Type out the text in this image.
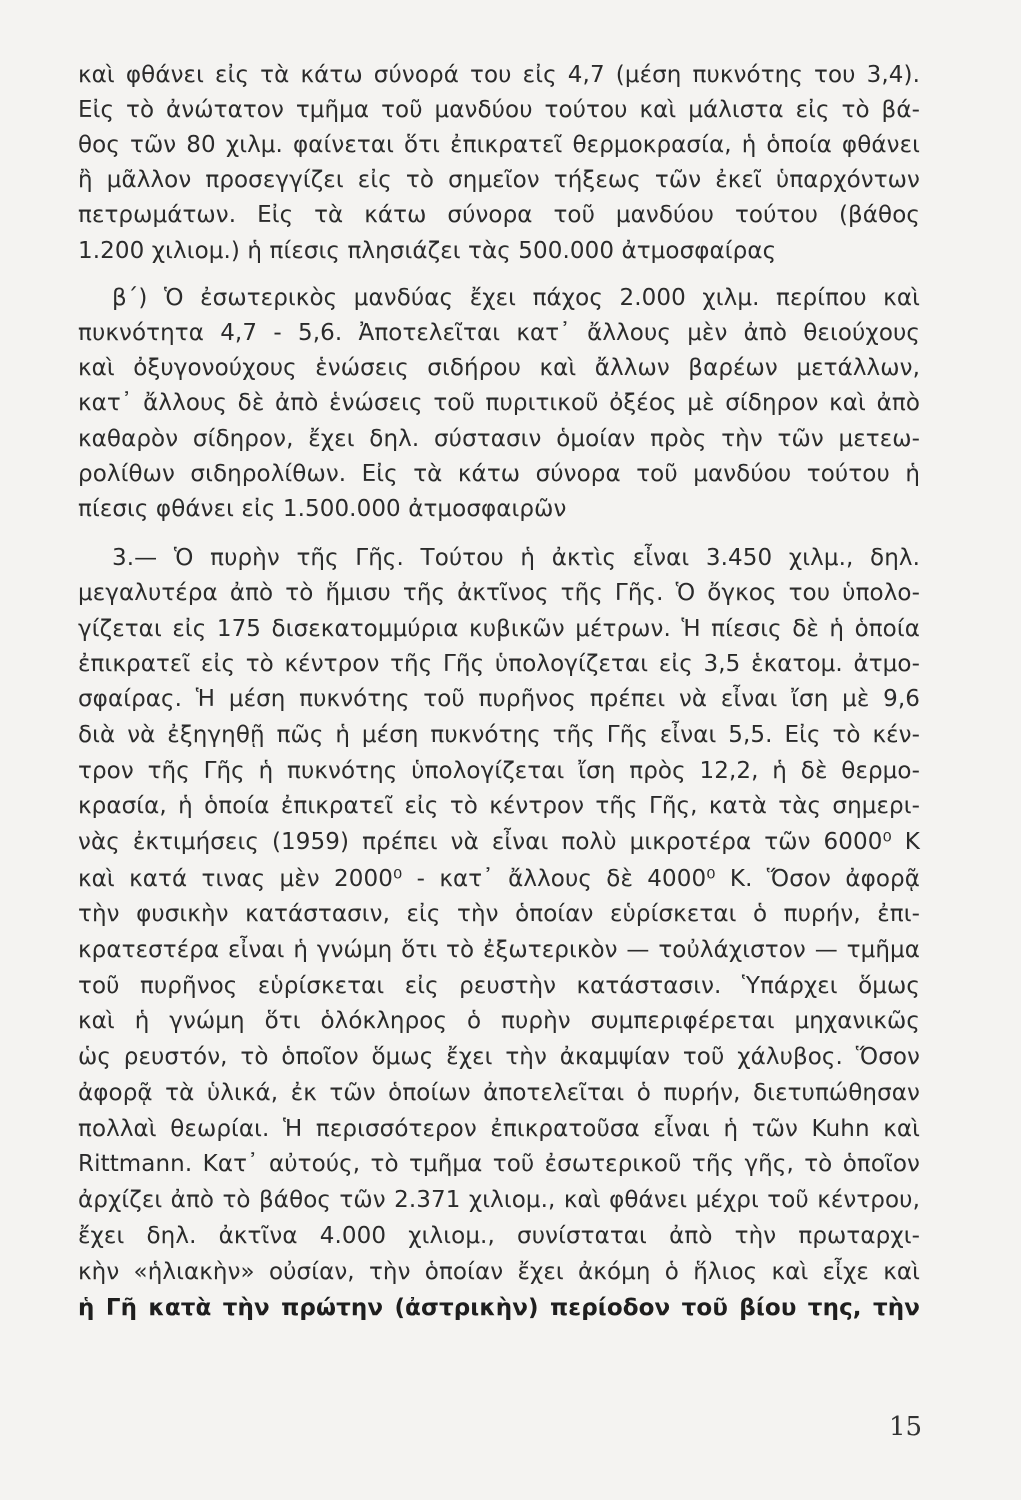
καὶ φθάνει εἰς τὰ κάτω σύνορά του εἰς 4,7 (μέση πυκνότης του 3,4).
Εἰς τὸ ἀνώτατον τμῆμα τοῦ μανδύου τούτου καὶ μάλιστα εἰς τὸ βά-
θος τῶν 80 χιλμ. φαίνεται ὅτι ἐπικρατεῖ θερμοκρασία, ἡ ὁποία φθάνει
ἢ μᾶλλον προσεγγίζει εἰς τὸ σημεῖον τήξεως τῶν ἐκεῖ ὑπαρχόντων
πετρωμάτων. Εἰς τὰ κάτω σύνορα τοῦ μανδύου τούτου (βάθος
1.200 χιλιομ.) ἡ πίεσις πλησιάζει τὰς 500.000 ἀτμοσφαίρας
β΄) Ὁ ἐσωτερικὸς μανδύας ἔχει πάχος 2.000 χιλμ. περίπου καὶ
πυκνότητα 4,7 - 5,6. Ἀποτελεῖται κατ᾽ ἄλλους μὲν ἀπὸ θειούχους
καὶ ὀξυγονούχους ἑνώσεις σιδήρου καὶ ἄλλων βαρέων μετάλλων,
κατ᾽ ἄλλους δὲ ἀπὸ ἑνώσεις τοῦ πυριτικοῦ ὀξέος μὲ σίδηρον καὶ ἀπὸ
καθαρὸν σίδηρον, ἔχει δηλ. σύστασιν ὁμοίαν πρὸς τὴν τῶν μετεω-
ρολίθων σιδηρολίθων. Εἰς τὰ κάτω σύνορα τοῦ μανδύου τούτου ἡ
πίεσις φθάνει εἰς 1.500.000 ἀτμοσφαιρῶν
3.— Ὁ πυρὴν τῆς Γῆς. Τούτου ἡ ἀκτὶς εἶναι 3.450 χιλμ., δηλ.
μεγαλυτέρα ἀπὸ τὸ ἥμισυ τῆς ἀκτῖνος τῆς Γῆς. Ὁ ὄγκος του ὑπολο-
γίζεται εἰς 175 δισεκατομμύρια κυβικῶν μέτρων. Ἡ πίεσις δὲ ἡ ὁποία
ἐπικρατεῖ εἰς τὸ κέντρον τῆς Γῆς ὑπολογίζεται εἰς 3,5 ἑκατομ. ἀτμο-
σφαίρας. Ἡ μέση πυκνότης τοῦ πυρῆνος πρέπει νὰ εἶναι ἴση μὲ 9,6
διὰ νὰ ἐξηγηθῇ πῶς ἡ μέση πυκνότης τῆς Γῆς εἶναι 5,5. Εἰς τὸ κέν-
τρον τῆς Γῆς ἡ πυκνότης ὑπολογίζεται ἴση πρὸς 12,2, ἡ δὲ θερμο-
κρασία, ἡ ὁποία ἐπικρατεῖ εἰς τὸ κέντρον τῆς Γῆς, κατὰ τὰς σημερι-
νὰς ἐκτιμήσεις (1959) πρέπει νὰ εἶναι πολὺ μικροτέρα τῶν 6000⁰ K
καὶ κατά τινας μὲν 2000⁰ - κατ᾽ ἄλλους δὲ 4000⁰ K. Ὅσον ἀφορᾷ
τὴν φυσικὴν κατάστασιν, εἰς τὴν ὁποίαν εὑρίσκεται ὁ πυρήν, ἐπι-
κρατεστέρα εἶναι ἡ γνώμη ὅτι τὸ ἐξωτερικὸν — τοὐλάχιστον — τμῆμα
τοῦ πυρῆνος εὑρίσκεται εἰς ρευστὴν κατάστασιν. Ὑπάρχει ὅμως
καὶ ἡ γνώμη ὅτι ὁλόκληρος ὁ πυρὴν συμπεριφέρεται μηχανικῶς
ὡς ρευστόν, τὸ ὁποῖον ὅμως ἔχει τὴν ἀκαμψίαν τοῦ χάλυβος. Ὅσον
ἀφορᾷ τὰ ὑλικά, ἐκ τῶν ὁποίων ἀποτελεῖται ὁ πυρήν, διετυπώθησαν
πολλαὶ θεωρίαι. Ἡ περισσότερον ἐπικρατοῦσα εἶναι ἡ τῶν Kuhn καὶ
Rittmann. Κατ᾽ αὐτούς, τὸ τμῆμα τοῦ ἐσωτερικοῦ τῆς γῆς, τὸ ὁποῖον
ἀρχίζει ἀπὸ τὸ βάθος τῶν 2.371 χιλιομ., καὶ φθάνει μέχρι τοῦ κέντρου,
ἔχει δηλ. ἀκτῖνα 4.000 χιλιομ., συνίσταται ἀπὸ τὴν πρωταρχι-
κὴν «ἡλιακὴν» οὐσίαν, τὴν ὁποίαν ἔχει ἀκόμη ὁ ἥλιος καὶ εἶχε καὶ
ἡ Γῆ κατὰ τὴν πρώτην (ἀστρικὴν) περίοδον τοῦ βίου της, τὴν
15
